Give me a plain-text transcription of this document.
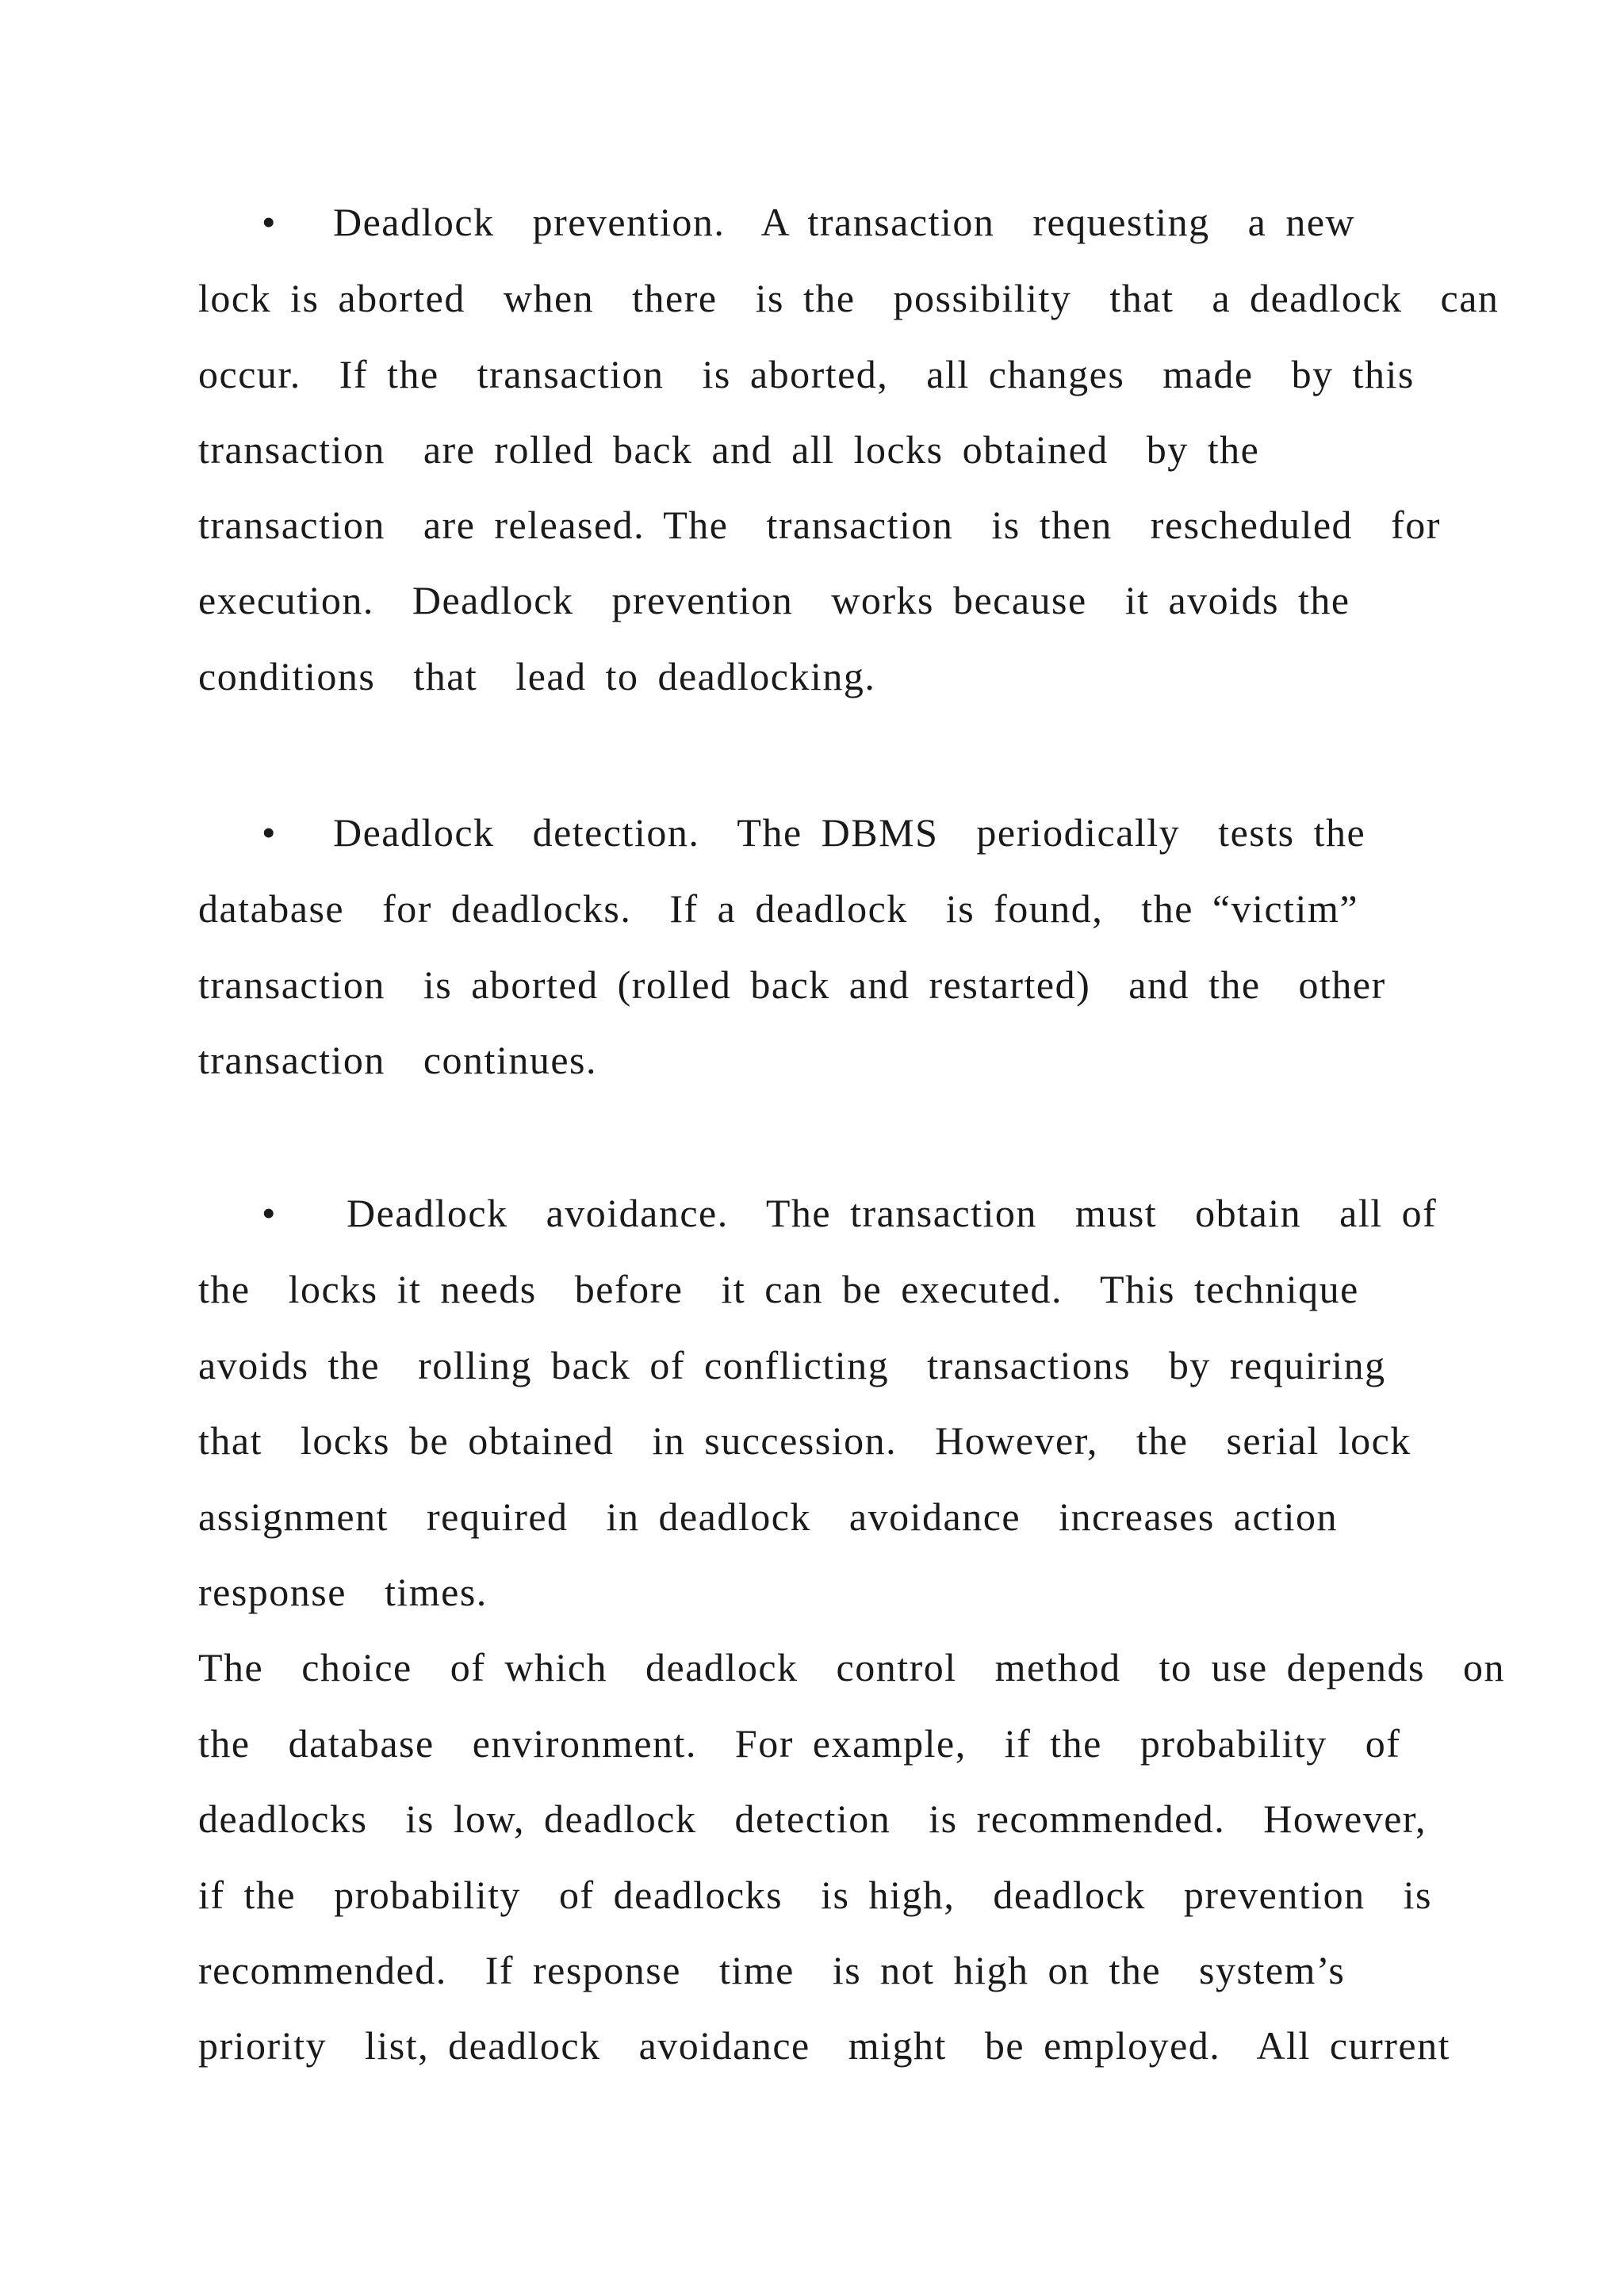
• Deadlock  prevention.  A transaction  requesting  a new
lock is aborted  when  there  is the  possibility  that  a deadlock  can
occur.  If the  transaction  is aborted,  all changes  made  by this
transaction  are rolled back and all locks obtained  by the
transaction  are released. The  transaction  is then  rescheduled  for
execution.  Deadlock  prevention  works because  it avoids the
conditions  that  lead to deadlocking.
• Deadlock  detection.  The DBMS  periodically  tests the
database  for deadlocks.  If a deadlock  is found,  the “victim”
transaction  is aborted (rolled back and restarted)  and the  other
transaction  continues.
• Deadlock  avoidance.  The transaction  must  obtain  all of
the  locks it needs  before  it can be executed.  This technique
avoids the  rolling back of conflicting  transactions  by requiring
that  locks be obtained  in succession.  However,  the  serial lock
assignment  required  in deadlock  avoidance  increases action
response  times.
The  choice  of which  deadlock  control  method  to use depends  on
the  database  environment.  For example,  if the  probability  of
deadlocks  is low, deadlock  detection  is recommended.  However,
if the  probability  of deadlocks  is high,  deadlock  prevention  is
recommended.  If response  time  is not high on the  system’s
priority  list, deadlock  avoidance  might  be employed.  All current
